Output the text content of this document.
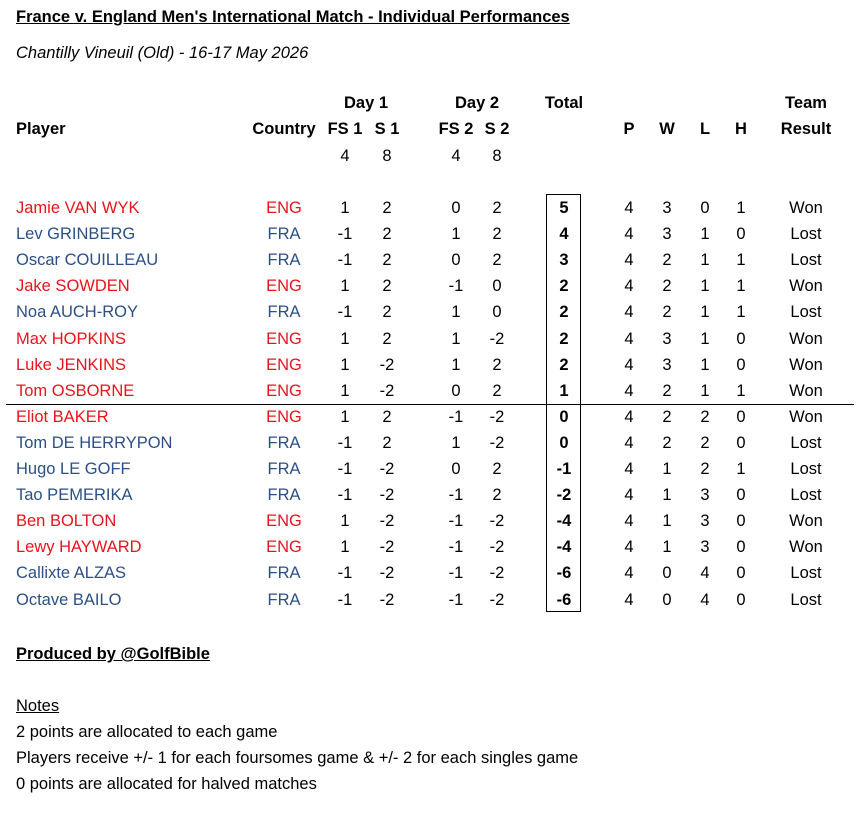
France v. England Men's International Match - Individual Performances
Chantilly Vineuil (Old) - 16-17 May 2026
Day 1	Day 2	Total	Team
Player	Country FS 1 S 1 FS 2 S 2	P W L H Result
4 8	4 8
Jamie VAN WYK	ENG 1 2	0 2	5	4 3 0 1	Won
Lev GRINBERG	FRA -1 2	1 2	4	4 3 1 0	Lost
Oscar COUILLEAU	FRA -1 2	0 2	3	4 2 1 1	Lost
Jake SOWDEN	ENG 1 2	-1 0	2	4 2 1 1	Won
Noa AUCH-ROY	FRA -1 2	1 0	2	4 2 1 1	Lost
Max HOPKINS	ENG 1 2	1 -2	2	4 3 1 0	Won
Luke JENKINS	ENG 1 -2	1 2	2	4 3 1 0	Won
Tom OSBORNE	ENG 1 -2	0 2	1	4 2 1 1	Won
Eliot BAKER	ENG 1 2	-1 -2	0	4 2 2 0	Won
Tom DE HERRYPON	FRA -1 2	1 -2	0	4 2 2 0	Lost
Hugo LE GOFF	FRA -1 -2	0 2	-1	4 1 2 1	Lost
Tao PEMERIKA	FRA -1 -2	-1 2	-2	4 1 3 0	Lost
Ben BOLTON	ENG 1 -2	-1 -2	-4	4 1 3 0	Won
Lewy HAYWARD	ENG 1 -2	-1 -2	-4	4 1 3 0	Won
Callixte ALZAS	FRA -1 -2	-1 -2	-6	4 0 4 0	Lost
Octave BAILO	FRA -1 -2	-1 -2	-6	4 0 4 0	Lost
Produced by @GolfBible
Notes
2 points are allocated to each game
Players receive +/- 1 for each foursomes game & +/- 2 for each singles game
0 points are allocated for halved matches
